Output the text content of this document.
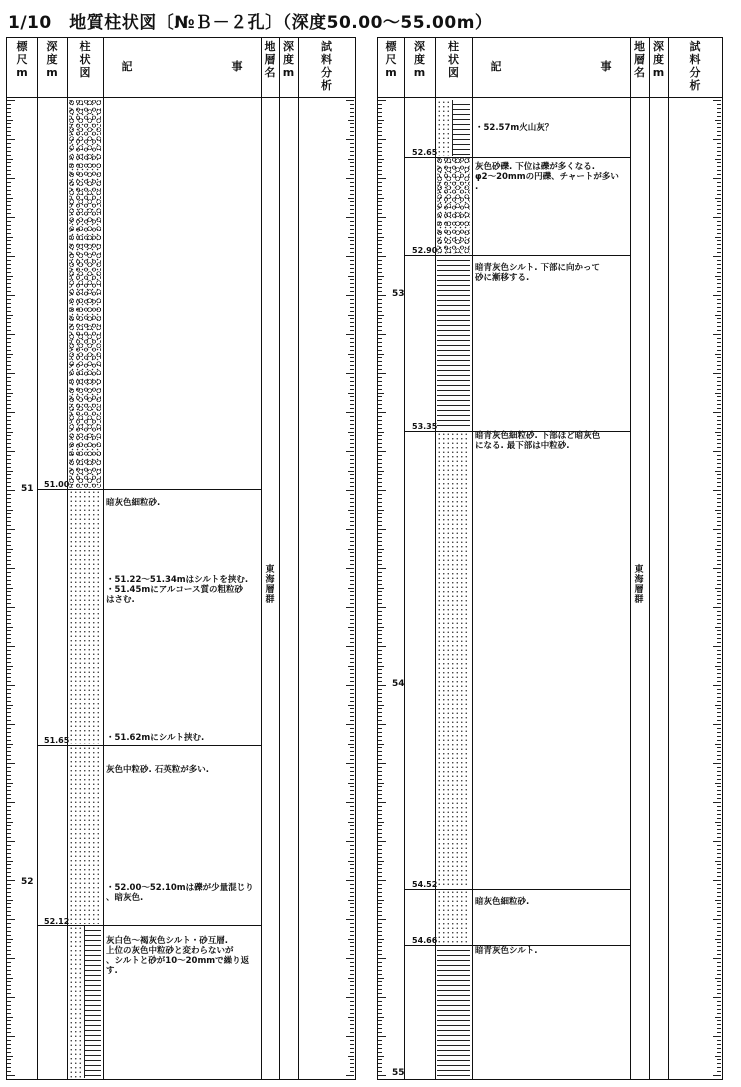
1/10　地質柱状図〔№Ｂ－２孔〕（深度50.00～55.00m）
標
尺
m
深
度
m
柱
状
図	記　　　　　　　　　事
地
層
名
深
度
m
試
料
分
析
51
52
51.00
51.65
52.12
暗灰色細粒砂.
・51.22～51.34mはシルトを挟む.
・51.45mにアルコース質の粗粒砂
はさむ.
・51.62mにシルト挟む.
灰色中粒砂. 石英粒が多い.
・52.00～52.10mは礫が少量混じり
、暗灰色.
灰白色～褐灰色シルト・砂互層.
上位の灰色中粒砂と変わらないが
、シルトと砂が10～20mmで繰り返
す.
東海層群
標
尺
m
深
度
m
柱
状
図	記　　　　　　　　　事
地
層
名
深
度
m
試
料
分
析
53
54
55
52.65
52.90
53.35
54.52
54.66
・52.57m火山灰？
灰色砂礫. 下位は礫が多くなる.
φ2～20mmの円礫、チャートが多い
.
暗青灰色シルト. 下部に向かって
砂に漸移する.
暗青灰色細粒砂. 下部ほど暗灰色
になる. 最下部は中粒砂.
暗灰色細粒砂.
暗青灰色シルト.
東海層群
